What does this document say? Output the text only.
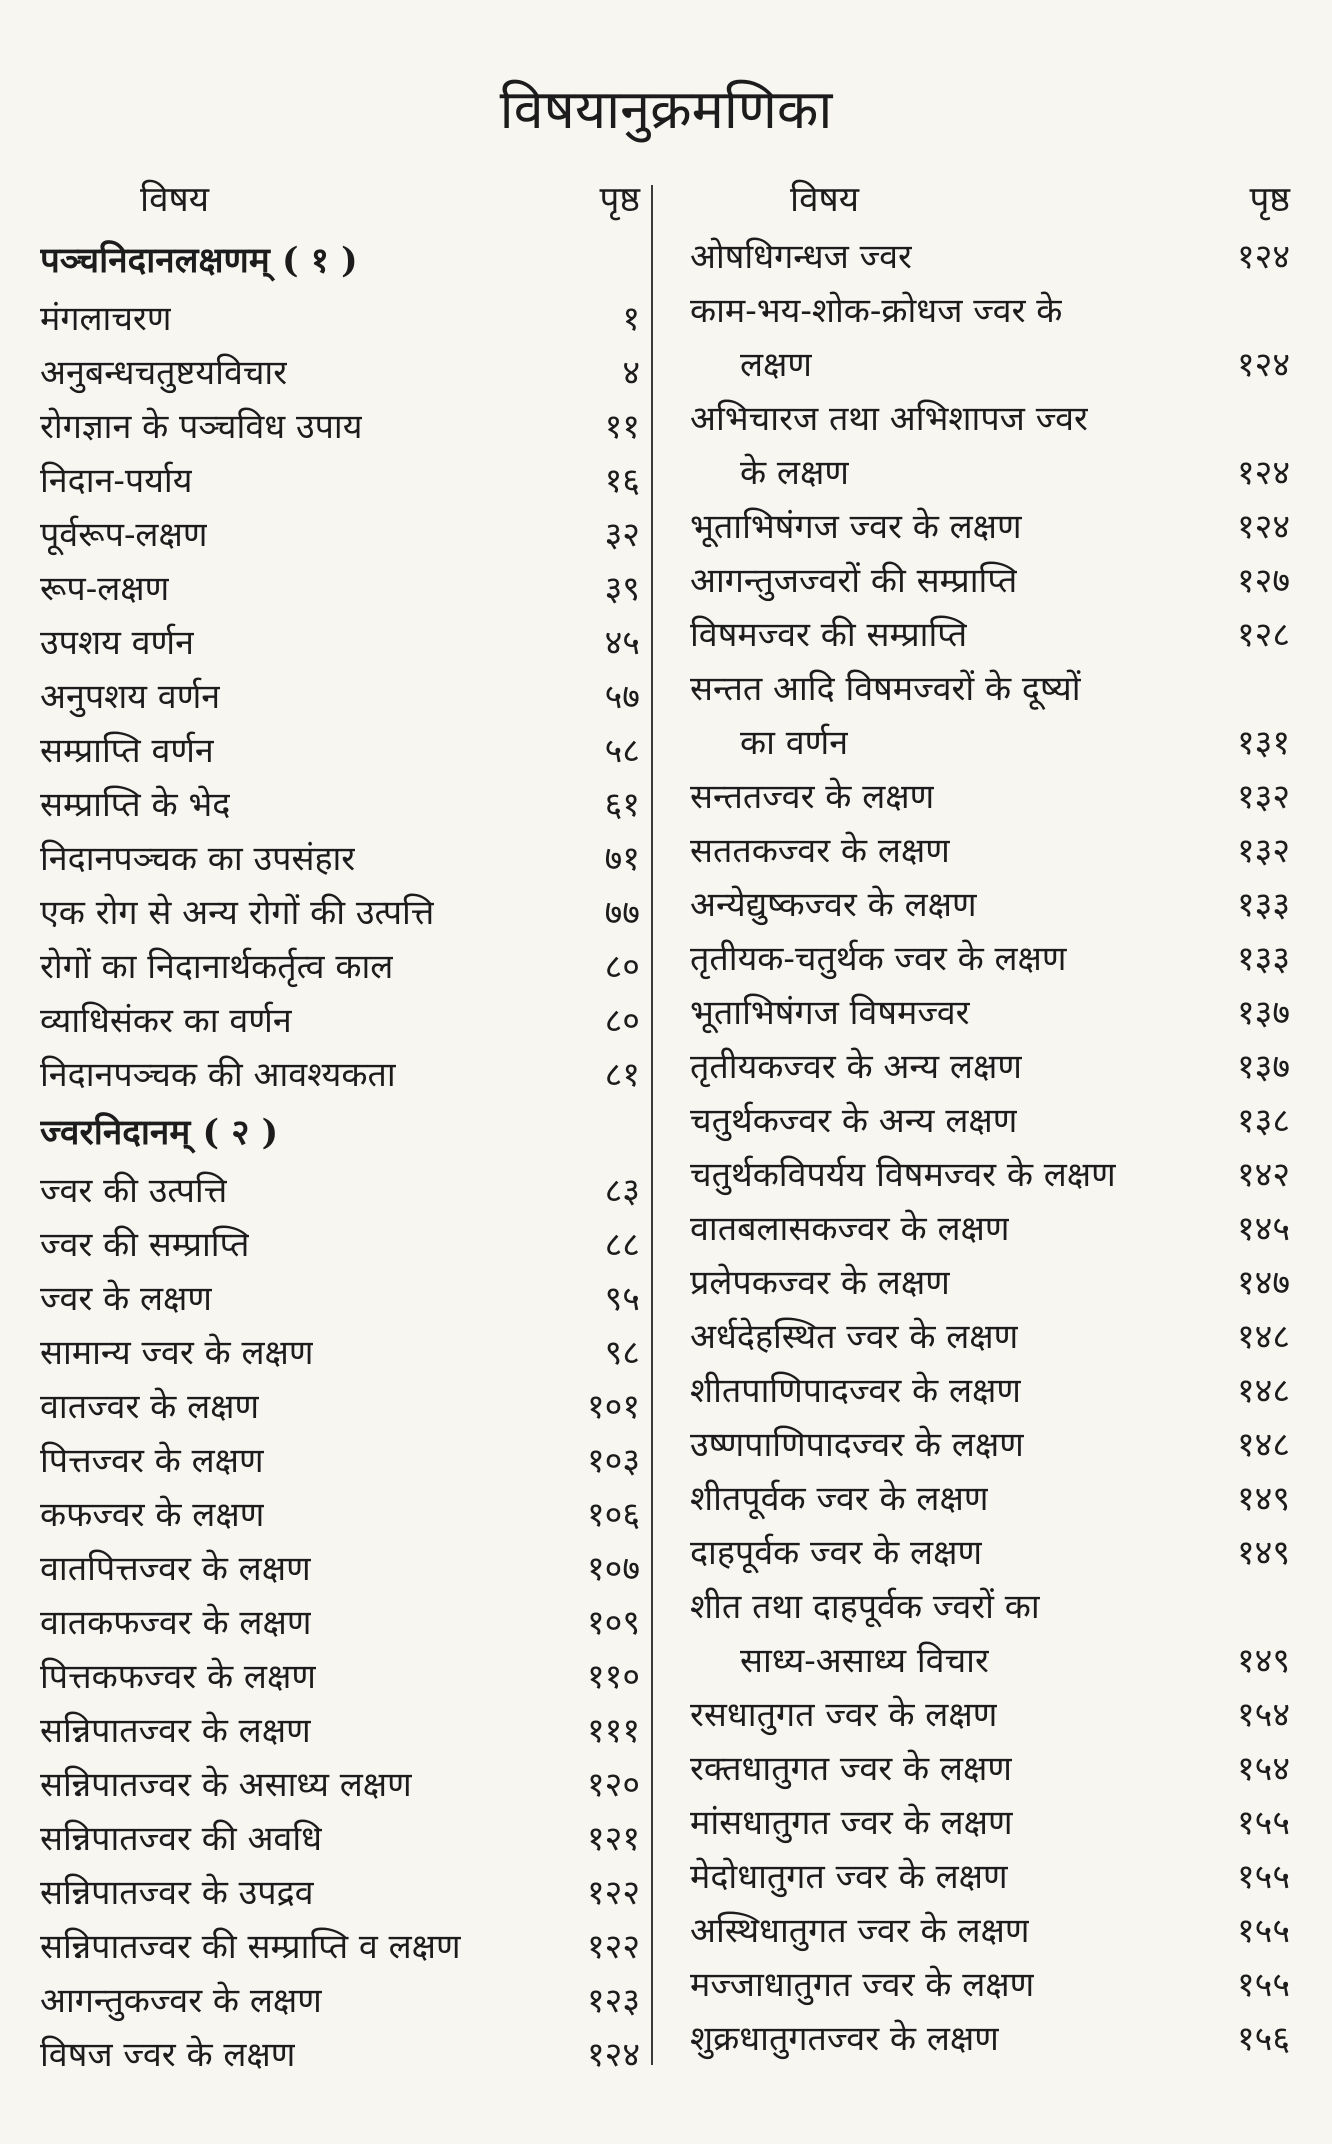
विषयानुक्रमणिका
विषय	पृष्ठ
पञ्चनिदानलक्षणम् ( १ )
मंगलाचरण	१
अनुबन्धचतुष्टयविचार	४
रोगज्ञान के पञ्चविध उपाय	११
निदान-पर्याय	१६
पूर्वरूप-लक्षण	३२
रूप-लक्षण	३९
उपशय वर्णन	४५
अनुपशय वर्णन	५७
सम्प्राप्ति वर्णन	५८
सम्प्राप्ति के भेद	६१
निदानपञ्चक का उपसंहार	७१
एक रोग से अन्य रोगों की उत्पत्ति	७७
रोगों का निदानार्थकर्तृत्व काल	८०
व्याधिसंकर का वर्णन	८०
निदानपञ्चक की आवश्यकता	८१
ज्वरनिदानम् ( २ )
ज्वर की उत्पत्ति	८३
ज्वर की सम्प्राप्ति	८८
ज्वर के लक्षण	९५
सामान्य ज्वर के लक्षण	९८
वातज्वर के लक्षण	१०१
पित्तज्वर के लक्षण	१०३
कफज्वर के लक्षण	१०६
वातपित्तज्वर के लक्षण	१०७
वातकफज्वर के लक्षण	१०९
पित्तकफज्वर के लक्षण	११०
सन्निपातज्वर के लक्षण	१११
सन्निपातज्वर के असाध्य लक्षण	१२०
सन्निपातज्वर की अवधि	१२१
सन्निपातज्वर के उपद्रव	१२२
सन्निपातज्वर की सम्प्राप्ति व लक्षण	१२२
आगन्तुकज्वर के लक्षण	१२३
विषज ज्वर के लक्षण	१२४
विषय	पृष्ठ
ओषधिगन्धज ज्वर	१२४
काम-भय-शोक-क्रोधज ज्वर के
लक्षण	१२४
अभिचारज तथा अभिशापज ज्वर
के लक्षण	१२४
भूताभिषंगज ज्वर के लक्षण	१२४
आगन्तुजज्वरों की सम्प्राप्ति	१२७
विषमज्वर की सम्प्राप्ति	१२८
सन्तत आदि विषमज्वरों के दूष्यों
का वर्णन	१३१
सन्ततज्वर के लक्षण	१३२
सततकज्वर के लक्षण	१३२
अन्येद्युष्कज्वर के लक्षण	१३३
तृतीयक-चतुर्थक ज्वर के लक्षण	१३३
भूताभिषंगज विषमज्वर	१३७
तृतीयकज्वर के अन्य लक्षण	१३७
चतुर्थकज्वर के अन्य लक्षण	१३८
चतुर्थकविपर्यय विषमज्वर के लक्षण	१४२
वातबलासकज्वर के लक्षण	१४५
प्रलेपकज्वर के लक्षण	१४७
अर्धदेहस्थित ज्वर के लक्षण	१४८
शीतपाणिपादज्वर के लक्षण	१४८
उष्णपाणिपादज्वर के लक्षण	१४८
शीतपूर्वक ज्वर के लक्षण	१४९
दाहपूर्वक ज्वर के लक्षण	१४९
शीत तथा दाहपूर्वक ज्वरों का
साध्य-असाध्य विचार	१४९
रसधातुगत ज्वर के लक्षण	१५४
रक्तधातुगत ज्वर के लक्षण	१५४
मांसधातुगत ज्वर के लक्षण	१५५
मेदोधातुगत ज्वर के लक्षण	१५५
अस्थिधातुगत ज्वर के लक्षण	१५५
मज्जाधातुगत ज्वर के लक्षण	१५५
शुक्रधातुगतज्वर के लक्षण	१५६
